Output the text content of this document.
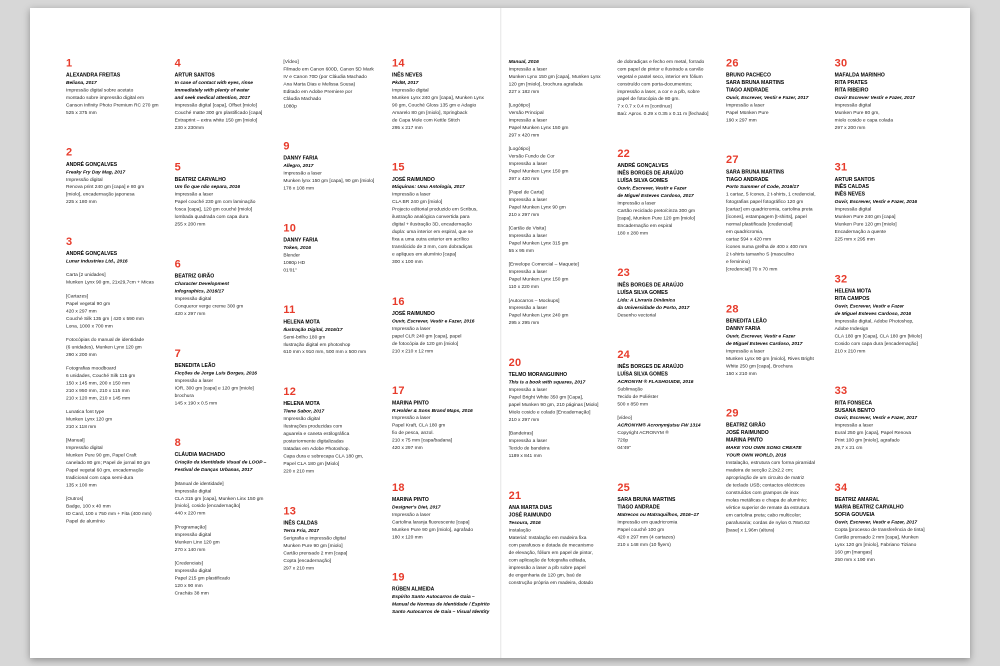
1
ALEXANDRA FREITAS
Beliana, 2017
Impressão digital sobre acetato
montado sobre impressão digital em
Canson Infinity Photo Premium RC 270 gm
525 x 375 mm
2
ANDRÉ GONÇALVES
Freaky Fry Day Mag, 2017
Impressão digital
Renova print 240 gm [capa] e 80 gm
[miolo], encadernação japonesa
225 x 180 mm
3
ANDRÉ GONÇALVES
Lunar Industries Ltd., 2016
Carta [2 unidades]
Munken Lynx 90 gm, 21x29,7cm + Micas
[Cartazes]
Papel vegetal 90 gm
420 x 297 mm
Couché Silk 135 gm | 420 x 590 mm
Lona, 1000 x 700 mm
Fotocópias do manual de identidade
(6 unidades), Munken Lynx 120 gm
290 x 200 mm
Fotografias moodboard
6 unidades, Couché Silk 115 gm
150 x 145 mm, 200 x 150 mm
210 x 950 mm, 210 x 115 mm
210 x 120 mm, 210 x 145 mm
Lunatica font type
Munken Lynx 120 gm
210 x 118 mm
[Manual]
Impressão digital
Munken Pure 90 gm, Papel Craft
canelado 80 gm; Papel de jornal 80 gm
Papel vegetal 60 gm, encadernação
tradicional com capa semi-dura
135 x 100 mm
[Outros]
Badge, 100 x 40 mm
ID Card, 100 x 750 mm + Fita (400 mm)
Papel de alumínio
4
ARTUR SANTOS
In case of contact with eyes, rinse
immediately with plenty of water
and seek medical attention, 2017
Impressão digital [capa], Offset [miolo]
Couché matte 300 gm plastificado [capa]
Extraprint – extra white 150 gm [miolo]
230 x 230mm
5
BEATRIZ CARVALHO
Um fio que não separa, 2016
Impressão a laser
Papel couché 230 gm com laminação
fosca [capa], 120 gm couché [miolo]
lombada quadrada com capa dura
255 x 200 mm
6
BEATRIZ GIRÃO
Character Development
Infographics, 2016/17
Impressão digital
Conqueror verge creme 300 gm
420 x 297 mm
7
BENEDITA LEÃO
Ficções de Jorge Luís Borges, 2016
Impressão a laser
IOR, 300 gm [capa] e 120 gm [miolo]
brochura
145 x 190 x 0.5 mm
8
CLÁUDIA MACHADO
Criação da Identidade Visual de LOOP –
Festival de Danças Urbanas, 2017
[Manual de identidade]
Impressão digital
CLA 315 gm [capa], Munken Linx 150 gm
[miolo], cosido [encadernação]
440 x 220 mm
[Programação]
Impressão digital
Munken Linx 120 gm
270 x 140 mm
[Credenciais]
Impressão digital
Papel 215 gm plastificado
120 x 90 mm
Crachás 38 mm
[Vídeo]
Filmado em Canon 600D, Canon 5D Mark
IV e Canon 70D (por Cláudia Machado
Ana Marta Dias e Melissa Sousa)
Editado em Adobe Premiere por
Cláudia Machado
1080p
9
DANNY FARIA
Allegro, 2017
Impressão a laser
Munken lynx 150 gm [capa], 90 gm [miolo]
178 x 108 mm
10
DANNY FARIA
Token, 2016
Blender
1080p HD
01'01"
11
HELENA MOTA
Ilustração Digital, 2016/17
Semi-brilho 180 gm
Ilustração digital em photoshop
610 mm x 910 mm, 500 mm x 500 mm
12
HELENA MOTA
Tiene Sabor, 2017
Impressão digital
Ilustrações produzidas com
aguarela e caneta estilográfica
posteriormente digitalizadas
tratadas em Adobe Photoshop.
Capa dura e sobrecapa CLA 180 gm,
Papel CLA 180 gm [Miolo]
220 x 210 mm
13
INÊS CALDAS
Terra Fria, 2017
Serigrafia e impressão digital
Munken Pure 90 gm [miolo]
Cartão prensado 2 mm [capa]
Copta [encadernação]
297 x 210 mm
14
INÊS NEVES
PkdM, 2017
Impressão digital
Munken Lynx 240 gm [capa], Munken Lynx
90 gm, Couché Gloss 135 gm e Adagio
Amarelo 80 gm [miolo], Springback
de Capa Mole com Kettle Stitch
295 x 217 mm
15
JOSÉ RAIMUNDO
Máquinas: Uma Antologia, 2017
Impressão a laser
CLA BR 240 gm [miolo]
Projecto editorial produzido em Scribus,
ilustração analógica convertida para
digital + ilustração 3D, encadernação
dupla: uma interior em espiral, que se
fixa a uma outra exterior em acrílico
translúcido de 3 mm, com dobradiças
e apliques em alumínio [capa]
300 x 100 mm
16
JOSÉ RAIMUNDO
Ouvir, Escrever, Vestir e Fazer, 2016
Impressão a laser
papel CLR 240 gm [capa], papel
de fotocópia de 120 gm [miolo]
210 x 210 x 12 mm
17
MARINA PINTO
R.Holder & Sons Brand Maps, 2016
Impressão a laser
Papel Kraft, CLA 180 gm
fio de pesca, anzol.
210 x 75 mm [capa/badana]
420 x 297 mm
18
MARINA PINTO
Designer's Diet, 2017
Impressão a laser
Cartolina laranja fluorescente [capa]
Munken Pure 90 gm [miolo], agrafado
180 x 120 mm
19
RÚBEN ALMEIDA
Espírito Santo Autocarros de Gaia –
Manual de Normas de Identidade / Espírito
Santo Autocarros de Gaia – Visual Identity
Manual, 2016
Impressão a laser
Munken Lynx 150 gm [capa], Munken Lynx
120 gm [miolo], brochura agrafada
227 x 182 mm
[Logótipo]
Versão Principal
Impressão a laser
Papel Munken Lynx 150 gm
297 x 420 mm
[Logótipo]
Versão Fundo de Cor
Impressão a laser
Papel Munken Lynx 150 gm
297 x 420 mm
[Papel de Carta]
Impressão a laser
Papel Munken Lynx 90 gm
210 x 297 mm
[Cartão de Visita]
Impressão a laser
Papel Munken Lynx 315 gm
55 x 95 mm
[Envelope Comercial – Maquete]
Impressão a laser
Papel Munken Lynx 150 gm
110 x 220 mm
[Autocarros – Mockups]
Impressão a laser
Papel Munken Lynx 240 gm
295 x 295 mm
20
TELMO MORANGUINHO
This is a book with squares, 2017
Impressão a laser
Papel Bright White 350 gm [Capa],
papel Munken 90 gm, 210 páginas [Miolo]
Miolo cosido e colado [Encadernação]
210 x 297 mm
[Bandeiras]
Impressão a laser
Tecido de bandeira
1189 x 841 mm
21
ANA MARTA DIAS
JOSÉ RAIMUNDO
Tesoura, 2016
Instalação
Material: Instalação em madeira fixa
com parafusos e dotada de mecanismo
de elevação, fólium em papel de pintor,
com aplicação de fotografia editada,
impressão a laser a p/b sobre papel
de engenharia de 120 gm, baú de
construção própria em madeira, dotado
de dobradiças e fecho em metal, forrado
com papel de pintor e ilustrado a carvão
vegetal e pastel seco, interior em fólium
construído com porta-documentos;
impressão a laser, a cor e a p/b, sobre
papel de fotocópia de 80 gm.
7 x 0.7 x 0.4 m [contínuo]
Baú: Aprox. 0.29 x 0.35 x 0.11 m [fechado]
22
ANDRÉ GONÇALVES
INÊS BORGES DE ARAÚJO
LUÍSA SILVA GOMES
Ouvir, Escrever, Vestir e Fazer
de Miguel Esteves Cardoso, 2017
Impressão a laser
Cartão reciclado preto/cinza 300 gm
[capa], Munken Pure 120 gm [miolo]
Encadernação em espiral
180 x 280 mm
23
INÊS BORGES DE ARAÚJO
LUÍSA SILVA GOMES
Lida: A Livraria Dinâmica
da Universidade do Porto, 2017
Desenho vectorial
24
INÊS BORGES DE ARAÚJO
LUÍSA SILVA GOMES
ACRONYM ® FLASHGUIDE, 2016
Sublimação
Tecido de Poliéster
500 x 850 mm
[vídeo]
ACRONYM® Acronymjutsu FW 1314
Copyright ACRONYM ®
720p
04'49"
25
SARA BRUNA MARTINS
TIAGO ANDRADE
Matrecos ou Matraquilhos, 2016–17
Impressão em quadricromia
Papel couchê 100 gm
420 x 297 mm (4 cartazes)
210 x 148 mm (10 flyers)
26
BRUNO PACHECO
SARA BRUNA MARTINS
TIAGO ANDRADE
Ouvir, Escrever, Vestir e Fazer, 2017
Impressão a laser
Papel Münken Pure
190 x 297 mm
27
SARA BRUNA MARTINS
TIAGO ANDRADE
Porto Summer of Code, 2016/17
1 cartaz, 5 ícones, 2 t-shirts, 1 credencial,
fotografias papel fotográfico 120 gm
[cartaz] em quadricromia, cartolina preta
[ícones], estampagem [t-shirts], papel
normal plastificado [credencial]
em quadricromia,
cartaz 594 x 420 mm
ícones numa grelha de 400 x 400 mm
2 t-shirts tamanho S (masculino
e feminino)
[credencial] 70 x 70 mm
28
BENEDITA LEÃO
DANNY FARIA
Ouvir, Escrever, Vestir e Fazer
de Miguel Esteves Cardoso, 2017
Impressão a laser
Munken Lynx 90 gm [miolo], Rives Bright
White 250 gm [capa], Brochura
150 x 210 mm
29
BEATRIZ GIRÃO
JOSÉ RAIMUNDO
MARINA PINTO
MAKE YOU OWN SONG CREATE
YOUR OWN WORLD, 2016
Instalação, estrutura com forma piramidal
madeira de secção 2.2x2.2 cm;
apropriação de um circuito de matriz
de teclado USB; contactos eléctricos
construídos com grampos de inox
molas metálicas e chapa de alumínio;
vértice superior de remate da estrutura
em cartolina preta; cabo multicolor;
parafusaria; cordas de nylon 0.78x0.62
[base] x 1.96m (altura)
30
MAFALDA MARINHO
RITA PRATES
RITA RIBEIRO
Ouvir Escrever Vestir e Fazer, 2017
Impressão digital
Munken Pure 80 gm,
miolo cosido e capa colada
297 x 200 mm
31
ARTUR SANTOS
INÊS CALDAS
INÊS NEVES
Ouvir, Escrever, Vestir e Fazer, 2016
Impressão digital
Munken Pure 240 gm [capa]
Munken Pure 120 gm [miolo]
Encadernação a quente
225 mm x 295 mm
32
HELENA MOTA
RITA CAMPOS
Ouvir, Escrever, Vestir e Fazer
de Miguel Esteves Cardoso, 2016
Impressão digital, Adobe Photoshop,
Adobe Indesign
CLA 180 gm [Capa], CLA 180 gm [Miolo]
Cosido com capa dura [encadernação]
210 x 210 mm
33
RITA FONSECA
SUSANA BENTO
Ouvir, Escrever, Vestir e Fazer, 2017
Impressão a laser
Eural 250 gm [capa], Papel Renova
Print 100 gm [miolo], agrafado
29,7 x 21 cm
34
BEATRIZ AMARAL
MARIA BEATRIZ CARVALHO
SOFIA GOUVEIA
Ouvir, Escrever, Vestir e Fazer, 2017
Copta [processo de transferência de tinta]
Cartão prensado 2 mm [capa], Munken
Lynx 120 gm [miolo], Fabriano Tiziano
160 gm [mangas]
250 mm x 190 mm
